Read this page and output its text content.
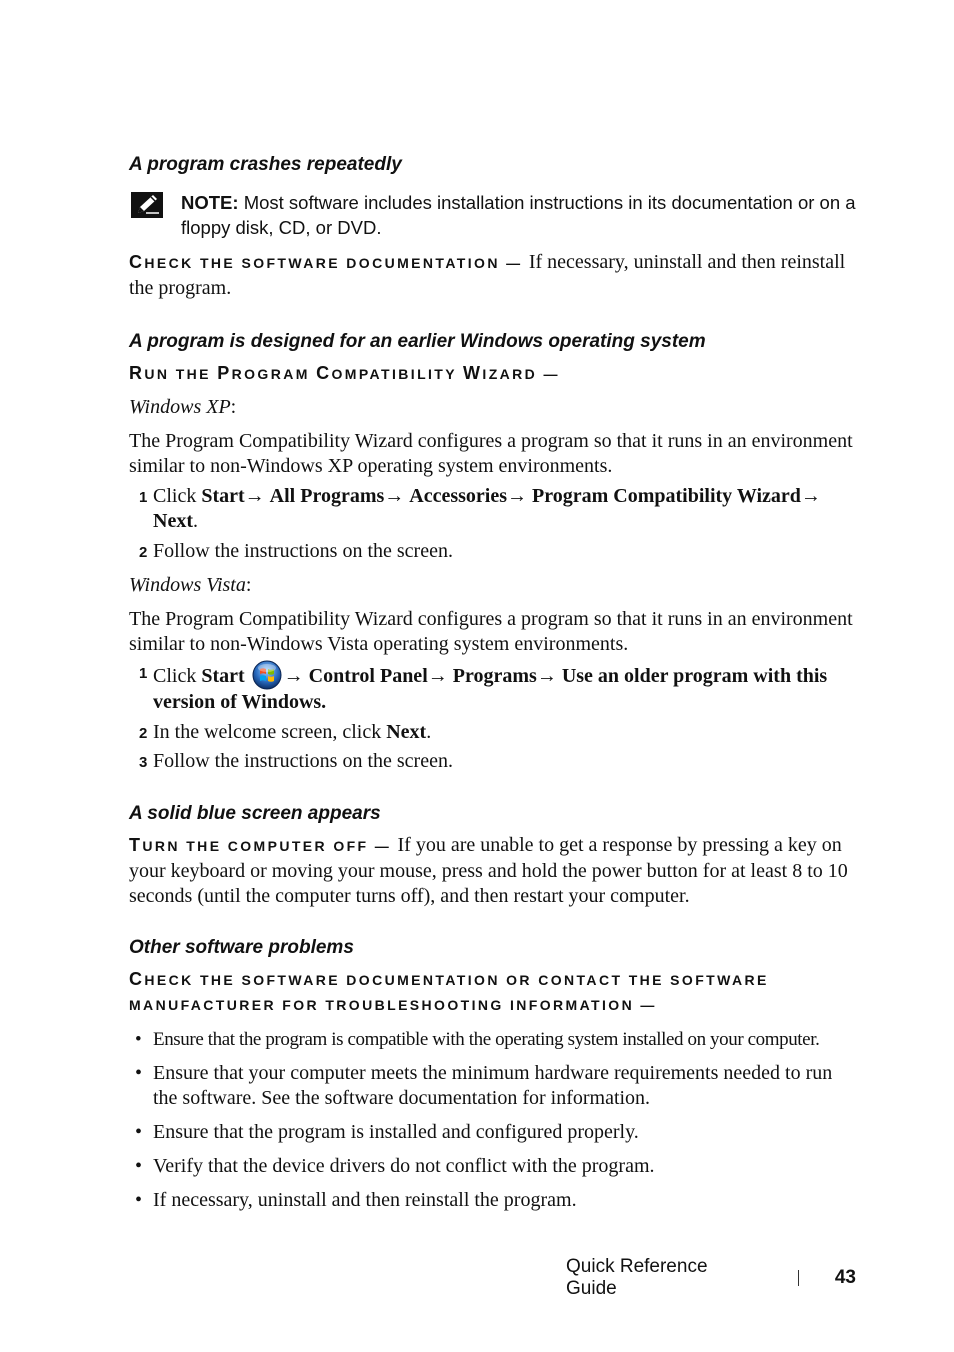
A program crashes repeatedly
NOTE: Most software includes installation instructions in its documentation or on a floppy disk, CD, or DVD.

CHECK THE SOFTWARE DOCUMENTATION — If necessary, uninstall and then reinstall the program.

A program is designed for an earlier Windows operating system
RUN THE PROGRAM COMPATIBILITY WIZARD —

Windows XP:

The Program Compatibility Wizard configures a program so that it runs in an environment similar to non-Windows XP operating system environments.

1 Click Start→ All Programs→ Accessories→ Program Compatibility Wizard→ Next.
2 Follow the instructions on the screen.

Windows Vista:

The Program Compatibility Wizard configures a program so that it runs in an environment similar to non-Windows Vista operating system environments.

1 Click Start → Control Panel→ Programs→ Use an older program with this version of Windows.
2 In the welcome screen, click Next.
3 Follow the instructions on the screen.
A solid blue screen appears

TURN THE COMPUTER OFF — If you are unable to get a response by pressing a key on your keyboard or moving your mouse, press and hold the power button for at least 8 to 10 seconds (until the computer turns off), and then restart your computer.

Other software problems
CHECK THE SOFTWARE DOCUMENTATION OR CONTACT THE SOFTWARE MANUFACTURER FOR TROUBLESHOOTING INFORMATION —
• Ensure that the program is compatible with the operating system installed on your computer.
• Ensure that your computer meets the minimum hardware requirements needed to run the software. See the software documentation for information.
• Ensure that the program is installed and configured properly.
• Verify that the device drivers do not conflict with the program.
• If necessary, uninstall and then reinstall the program.
Quick Reference Guide
43
